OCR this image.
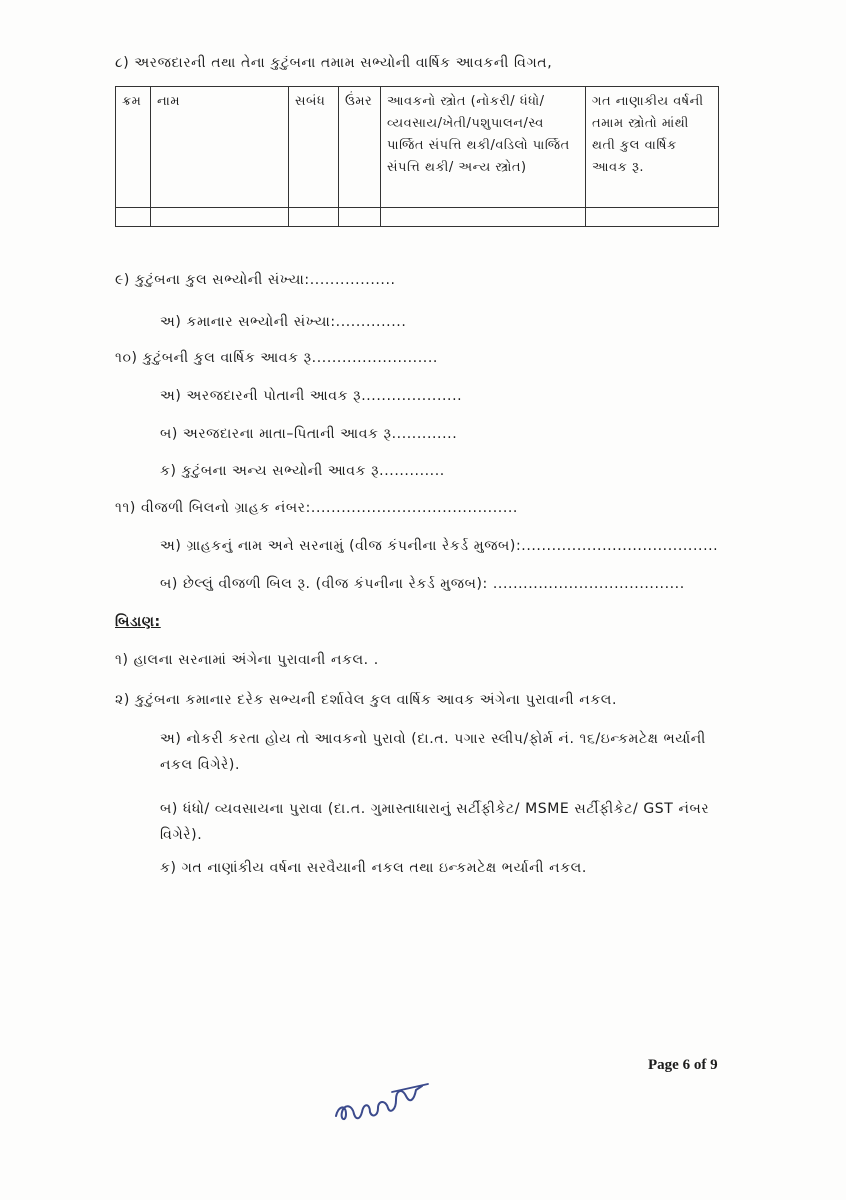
૮) અરજદારની તથા તેના કુટુંબના તમામ સભ્યોની વાર્ષિક આવકની વિગત,
ક્રમ	નામ	સબંધ	ઉંમર	આવકનો સ્ત્રોત (નોકરી/ ધંધો/ વ્યવસાય/ખેતી/પશુપાલન/સ્વ પાર્જિત સંપત્તિ થકી/વડિલો પાર્જિત સંપત્તિ થકી/ અન્ય સ્ત્રોત)	ગત નાણાકીય વર્ષની તમામ સ્ત્રોતો માંથી થતી કુલ વાર્ષિક આવક રૂ.

૯) કુટુંબના કુલ સભ્યોની સંખ્યા:.................
અ) કમાનાર સભ્યોની સંખ્યા:..............
૧૦) કુટુંબની કુલ વાર્ષિક આવક રૂ.........................
અ) અરજદારની પોતાની આવક રૂ....................
બ) અરજદારના માતા–પિતાની આવક રૂ.............
ક) કુટુંબના અન્ય સભ્યોની આવક રૂ.............
૧૧) વીજળી બિલનો ગ્રાહક નંબર:.........................................
અ) ગ્રાહકનું નામ અને સરનામું (વીજ કંપનીના રેકર્ડ મુજબ):.......................................
બ) છેલ્લું વીજળી બિલ રૂ. (વીજ કંપનીના રેકર્ડ મુજબ): ......................................
બિડાણ:
૧) હાલના સરનામાં અંગેના પુરાવાની નકલ. .
૨) કુટુંબના કમાનાર દરેક સભ્યની દર્શાવેલ કુલ વાર્ષિક આવક અંગેના પુરાવાની નકલ.
અ) નોકરી કરતા હોય તો આવકનો પુરાવો (દા.ત. પગાર સ્લીપ/ફોર્મ નં. ૧૬/ઇન્કમટેક્ષ ભર્યાની નકલ વિગેરે).
બ) ધંધો/ વ્યવસાયના પુરાવા (દા.ત. ગુમાસ્તાધારાનું સર્ટીફીકેટ/ MSME સર્ટીફીકેટ/ GST નંબર વિગેરે).
ક) ગત નાણાંકીય વર્ષના સરવૈયાની નકલ તથા ઇન્કમટેક્ષ ભર્યાની નકલ.
Page 6 of 9
